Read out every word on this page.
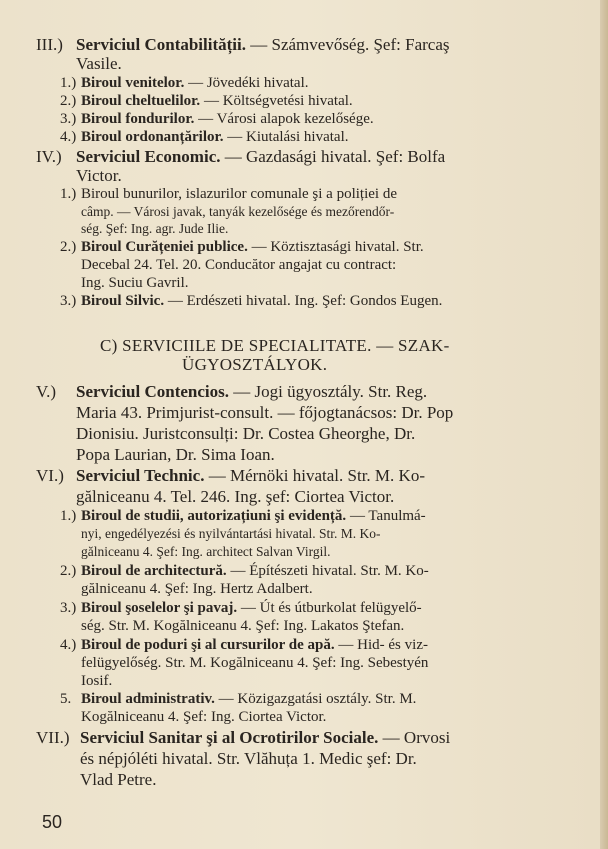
III.) Serviciul Contabilității. — Számvevőség. Şef: Farcaş
Vasile.
1.) Biroul venitelor. — Jövedéki hivatal.
2.) Biroul cheltuelilor. — Költségvetési hivatal.
3.) Biroul fondurilor. — Városi alapok kezelősége.
4.) Biroul ordonanțărilor. — Kiutalási hivatal.
IV.) Serviciul Economic. — Gazdasági hivatal. Şef: Bolfa
Victor.
1.) Biroul bunurilor, islazurilor comunale şi a poliției de
câmp. — Városi javak, tanyák kezelősége és mezőrendőr-
ség. Şef: Ing. agr. Jude Ilie.
2.) Biroul Curățeniei publice. — Köztisztasági hivatal. Str.
Decebal 24. Tel. 20. Conducător angajat cu contract:
Ing. Suciu Gavril.
3.) Biroul Silvic. — Erdészeti hivatal. Ing. Şef: Gondos Eugen.
C) SERVICIILE DE SPECIALITATE. — SZAK-
ÜGYOSZTÁLYOK.
V.) Serviciul Contencios. — Jogi ügyosztály. Str. Reg.
Maria 43. Primjurist-consult. — főjogtanácsos: Dr. Pop
Dionisiu. Juristconsulți: Dr. Costea Gheorghe, Dr.
Popa Laurian, Dr. Sima Ioan.
VI.) Serviciul Technic. — Mérnöki hivatal. Str. M. Ko-
gălniceanu 4. Tel. 246. Ing. şef: Ciortea Victor.
1.) Biroul de studii, autorizațiuni şi evidență. — Tanulmá-
nyi, engedélyezési és nyilvántartási hivatal. Str. M. Ko-
gălniceanu 4. Şef: Ing. architect Salvan Virgil.
2.) Biroul de architectură. — Építészeti hivatal. Str. M. Ko-
gălniceanu 4. Şef: Ing. Hertz Adalbert.
3.) Biroul şoselelor şi pavaj. — Út és útburkolat felügyelő-
ség. Str. M. Kogălniceanu 4. Şef: Ing. Lakatos Ştefan.
4.) Biroul de poduri şi al cursurilor de apă. — Hid- és viz-
felügyelőség. Str. M. Kogălniceanu 4. Şef: Ing. Sebestyén
Iosif.
5. Biroul administrativ. — Közigazgatási osztály. Str. M.
Kogălniceanu 4. Şef: Ing. Ciortea Victor.
VII.) Serviciul Sanitar şi al Ocrotirilor Sociale. — Orvosi
és népjóléti hivatal. Str. Vlăhuța 1. Medic şef: Dr.
Vlad Petre.
50
